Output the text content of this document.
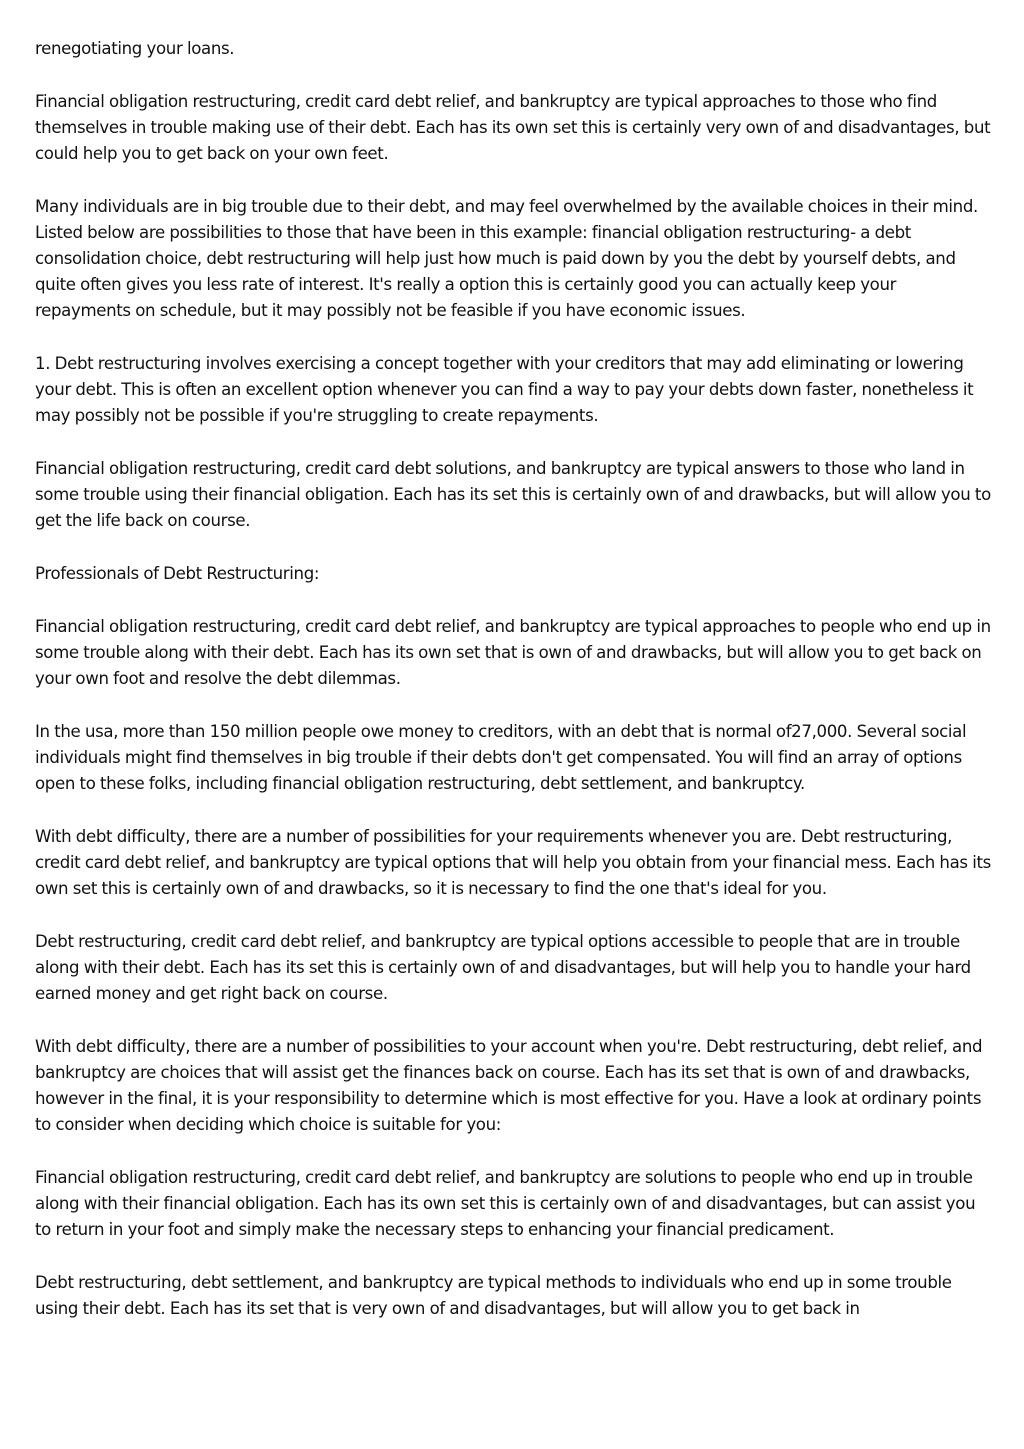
renegotiating your loans.

Financial obligation restructuring, credit card debt relief, and bankruptcy are typical approaches to those who find themselves in trouble making use of their debt. Each has its own set this is certainly very own of and disadvantages, but could help you to get back on your own feet.

Many individuals are in big trouble due to their debt, and may feel overwhelmed by the available choices in their mind. Listed below are possibilities to those that have been in this example: financial obligation restructuring- a debt consolidation choice, debt restructuring will help just how much is paid down by you the debt by yourself debts, and quite often gives you less rate of interest. It's really a option this is certainly good you can actually keep your repayments on schedule, but it may possibly not be feasible if you have economic issues.

1. Debt restructuring involves exercising a concept together with your creditors that may add eliminating or lowering your debt. This is often an excellent option whenever you can find a way to pay your debts down faster, nonetheless it may possibly not be possible if you're struggling to create repayments.

Financial obligation restructuring, credit card debt solutions, and bankruptcy are typical answers to those who land in some trouble using their financial obligation. Each has its set this is certainly own of and drawbacks, but will allow you to get the life back on course.

Professionals of Debt Restructuring:

Financial obligation restructuring, credit card debt relief, and bankruptcy are typical approaches to people who end up in some trouble along with their debt. Each has its own set that is own of and drawbacks, but will allow you to get back on your own foot and resolve the debt dilemmas.

In the usa, more than 150 million people owe money to creditors, with an debt that is normal of27,000. Several social individuals might find themselves in big trouble if their debts don't get compensated. You will find an array of options open to these folks, including financial obligation restructuring, debt settlement, and bankruptcy.

With debt difficulty, there are a number of possibilities for your requirements whenever you are. Debt restructuring, credit card debt relief, and bankruptcy are typical options that will help you obtain from your financial mess. Each has its own set this is certainly own of and drawbacks, so it is necessary to find the one that's ideal for you.

Debt restructuring, credit card debt relief, and bankruptcy are typical options accessible to people that are in trouble along with their debt. Each has its set this is certainly own of and disadvantages, but will help you to handle your hard earned money and get right back on course.

With debt difficulty, there are a number of possibilities to your account when you're. Debt restructuring, debt relief, and bankruptcy are choices that will assist get the finances back on course. Each has its set that is own of and drawbacks, however in the final, it is your responsibility to determine which is most effective for you. Have a look at ordinary points to consider when deciding which choice is suitable for you:

Financial obligation restructuring, credit card debt relief, and bankruptcy are solutions to people who end up in trouble along with their financial obligation. Each has its own set this is certainly own of and disadvantages, but can assist you to return in your foot and simply make the necessary steps to enhancing your financial predicament.

Debt restructuring, debt settlement, and bankruptcy are typical methods to individuals who end up in some trouble using their debt. Each has its set that is very own of and disadvantages, but will allow you to get back in
